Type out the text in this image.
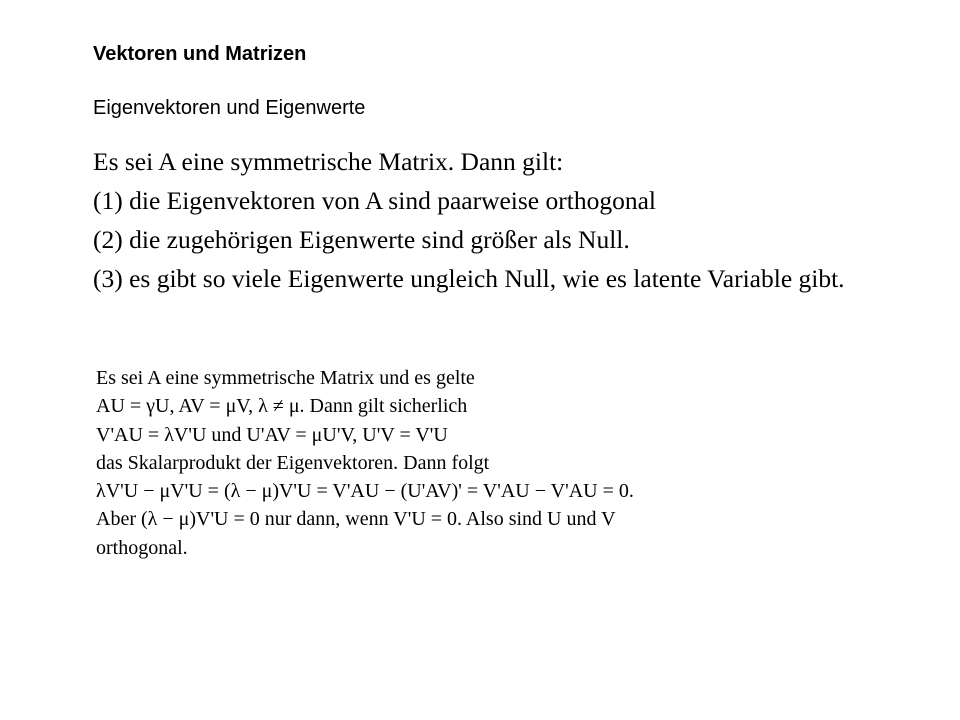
Vektoren und Matrizen
Eigenvektoren und Eigenwerte
Es sei A eine symmetrische Matrix. Dann gilt:
(1) die Eigenvektoren von A sind paarweise orthogonal
(2) die zugehörigen Eigenwerte sind größer als Null.
(3) es gibt so viele Eigenwerte ungleich Null, wie es latente Variable gibt.
Es sei A eine symmetrische Matrix und es gelte
AU = γU, AV = μV, λ ≠ μ. Dann gilt sicherlich
V'AU = λV'U und U'AV = μU'V, U'V = V'U
das Skalarprodukt der Eigenvektoren. Dann folgt
λV'U − μV'U = (λ − μ)V'U = V'AU − (U'AV)' = V'AU − V'AU = 0.
Aber (λ − μ)V'U = 0 nur dann, wenn V'U = 0. Also sind U und V
orthogonal.
